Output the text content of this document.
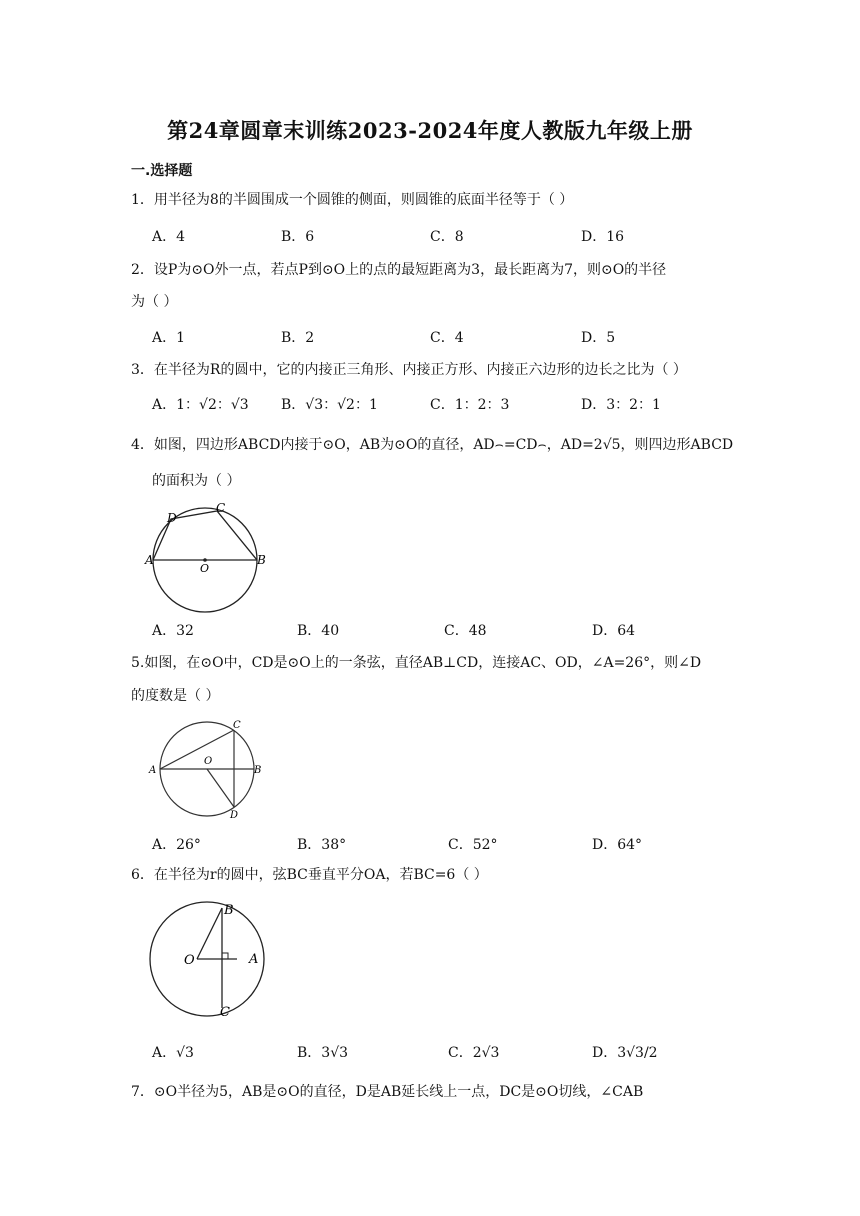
第24章圆章末训练2023-2024年度人教版九年级上册
一.选择题
1．用半径为8的半圆围成一个圆锥的侧面，则圆锥的底面半径等于（ ）
A．4	B．6	C．8	D．16
2．设P为⊙O外一点，若点P到⊙O上的点的最短距离为3，最长距离为7，则⊙O的半径
为（ ）
A．1	B．2	C．4	D．5
3．在半径为R的圆中，它的内接正三角形、内接正方形、内接正六边形的边长之比为（ ）
A．1：√2：√3 B．√3：√2：1	C．1：2：3	D．3：2：1
4．如图，四边形ABCD内接于⊙O，AB为⊙O的直径，AD⌢=CD⌢，AD=2√5，则四边形ABCD
的面积为（ ）
A	B
C
D
O
A．32	B．40	C．48	D．64
5.如图，在⊙O中，CD是⊙O上的一条弦，直径AB⊥CD，连接AC、OD，∠A=26°，则∠D
的度数是（ ）
A	B
C
D
O
A．26°	B．38°	C．52°	D．64°
6．在半径为r的圆中，弦BC垂直平分OA，若BC=6（ ）
B
O	A
C
A．√3	B．3√3	C．2√3	D．3√3/2
7．⊙O半径为5，AB是⊙O的直径，D是AB延长线上一点，DC是⊙O切线，∠CAB
